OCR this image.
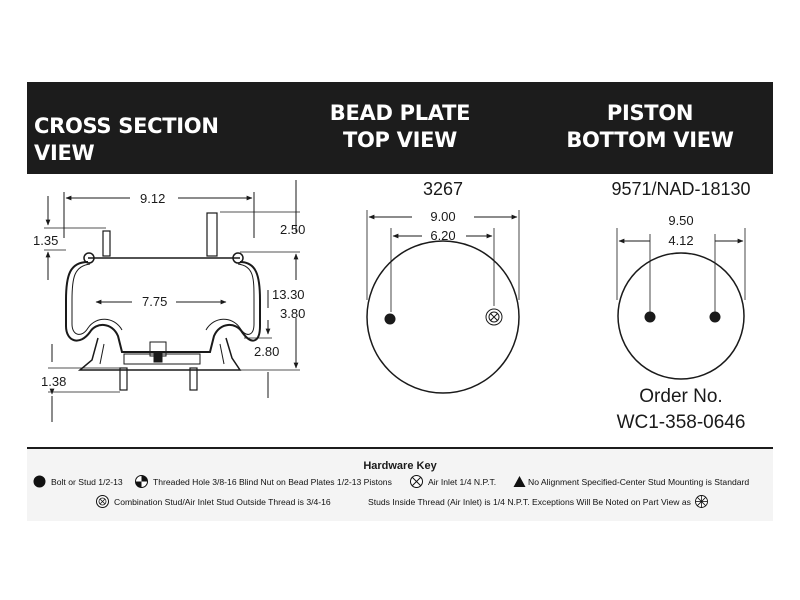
CROSS SECTION VIEW
BEAD PLATE
TOP VIEW
PISTON
BOTTOM VIEW
9.12
1.35
2.50
7.75	13.30
3.80
2.80
1.38
3267
9.00
6.20
9571/NAD-18130
9.50
4.12
Order No.
WC1-358-0646
Hardware Key
Bolt or Stud 1/2-13	Threaded Hole 3/8-16 Blind Nut on Bead Plates 1/2-13 Pistons	Air Inlet 1/4 N.P.T.	No Alignment Specified-Center Stud Mounting is Standard
Combination Stud/Air Inlet Stud Outside Thread is 3/4-16	Studs Inside Thread (Air Inlet) is 1/4 N.P.T. Exceptions Will Be Noted on Part View as
